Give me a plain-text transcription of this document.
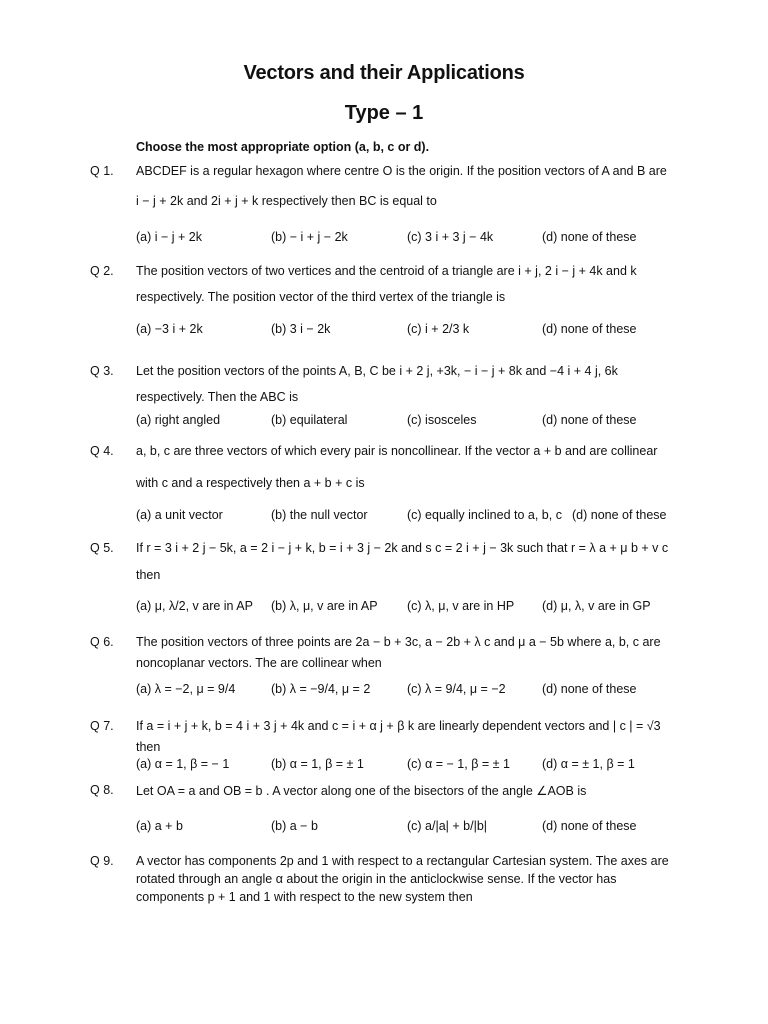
Vectors and their Applications
Type – 1
Choose the most appropriate option (a, b, c or d).
Q 1. ABCDEF is a regular hexagon where centre O is the origin. If the position vectors of A and B are
i − j + 2k and 2i + j + k respectively then BC is equal to
(a) i − j + 2k	(b) − i + j − 2k	(c) 3 i + 3 j − 4k	(d) none of these
Q 2. The position vectors of two vertices and the centroid of a triangle are i + j, 2 i − j + 4k and k
respectively. The position vector of the third vertex of the triangle is
(a) −3 i + 2k	(b) 3 i − 2k	(c) i + 2/3 k	(d) none of these
Q 3. Let the position vectors of the points A, B, C be i + 2 j, +3k, − i − j + 8k and −4 i + 4 j, 6k
respectively. Then the ABC is
(a) right angled	(b) equilateral	(c) isosceles	(d) none of these
Q 4. a, b, c are three vectors of which every pair is noncollinear. If the vector a + b and are collinear
with c and a respectively then a + b + c is
(a) a unit vector	(b) the null vector	(c) equally inclined to a, b, c (d) none of these
Q 5. If r = 3 i + 2 j − 5k, a = 2 i − j + k, b = i + 3 j − 2k and s c = 2 i + j − 3k such that r = λ a + μ b + v c
then
(a) μ, λ/2, v are in AP (b) λ, μ, v are in AP (c) λ, μ, v are in HP (d) μ, λ, v are in GP
Q 6. The position vectors of three points are 2a − b + 3c, a − 2b + λ c and μ a − 5b where a, b, c are
noncoplanar vectors. The are collinear when
(a) λ = −2, μ = 9/4	(b) λ = −9/4, μ = 2	(c) λ = 9/4, μ = −2	(d) none of these
Q 7. If a = i + j + k, b = 4 i + 3 j + 4k and c = i + α j + β k are linearly dependent vectors and | c | = √3
then
(a) α = 1, β = − 1	(b) α = 1, β = ± 1	(c) α = − 1, β = ± 1	(d) α = ± 1, β = 1
Q 8. Let OA = a and OB = b . A vector along one of the bisectors of the angle ∠AOB is
(a) a + b	(b) a − b	(c) a/|a| + b/|b|	(d) none of these
Q 9. A vector has components 2p and 1 with respect to a rectangular Cartesian system. The axes are
rotated through an angle α about the origin in the anticlockwise sense. If the vector has
components p + 1 and 1 with respect to the new system then
